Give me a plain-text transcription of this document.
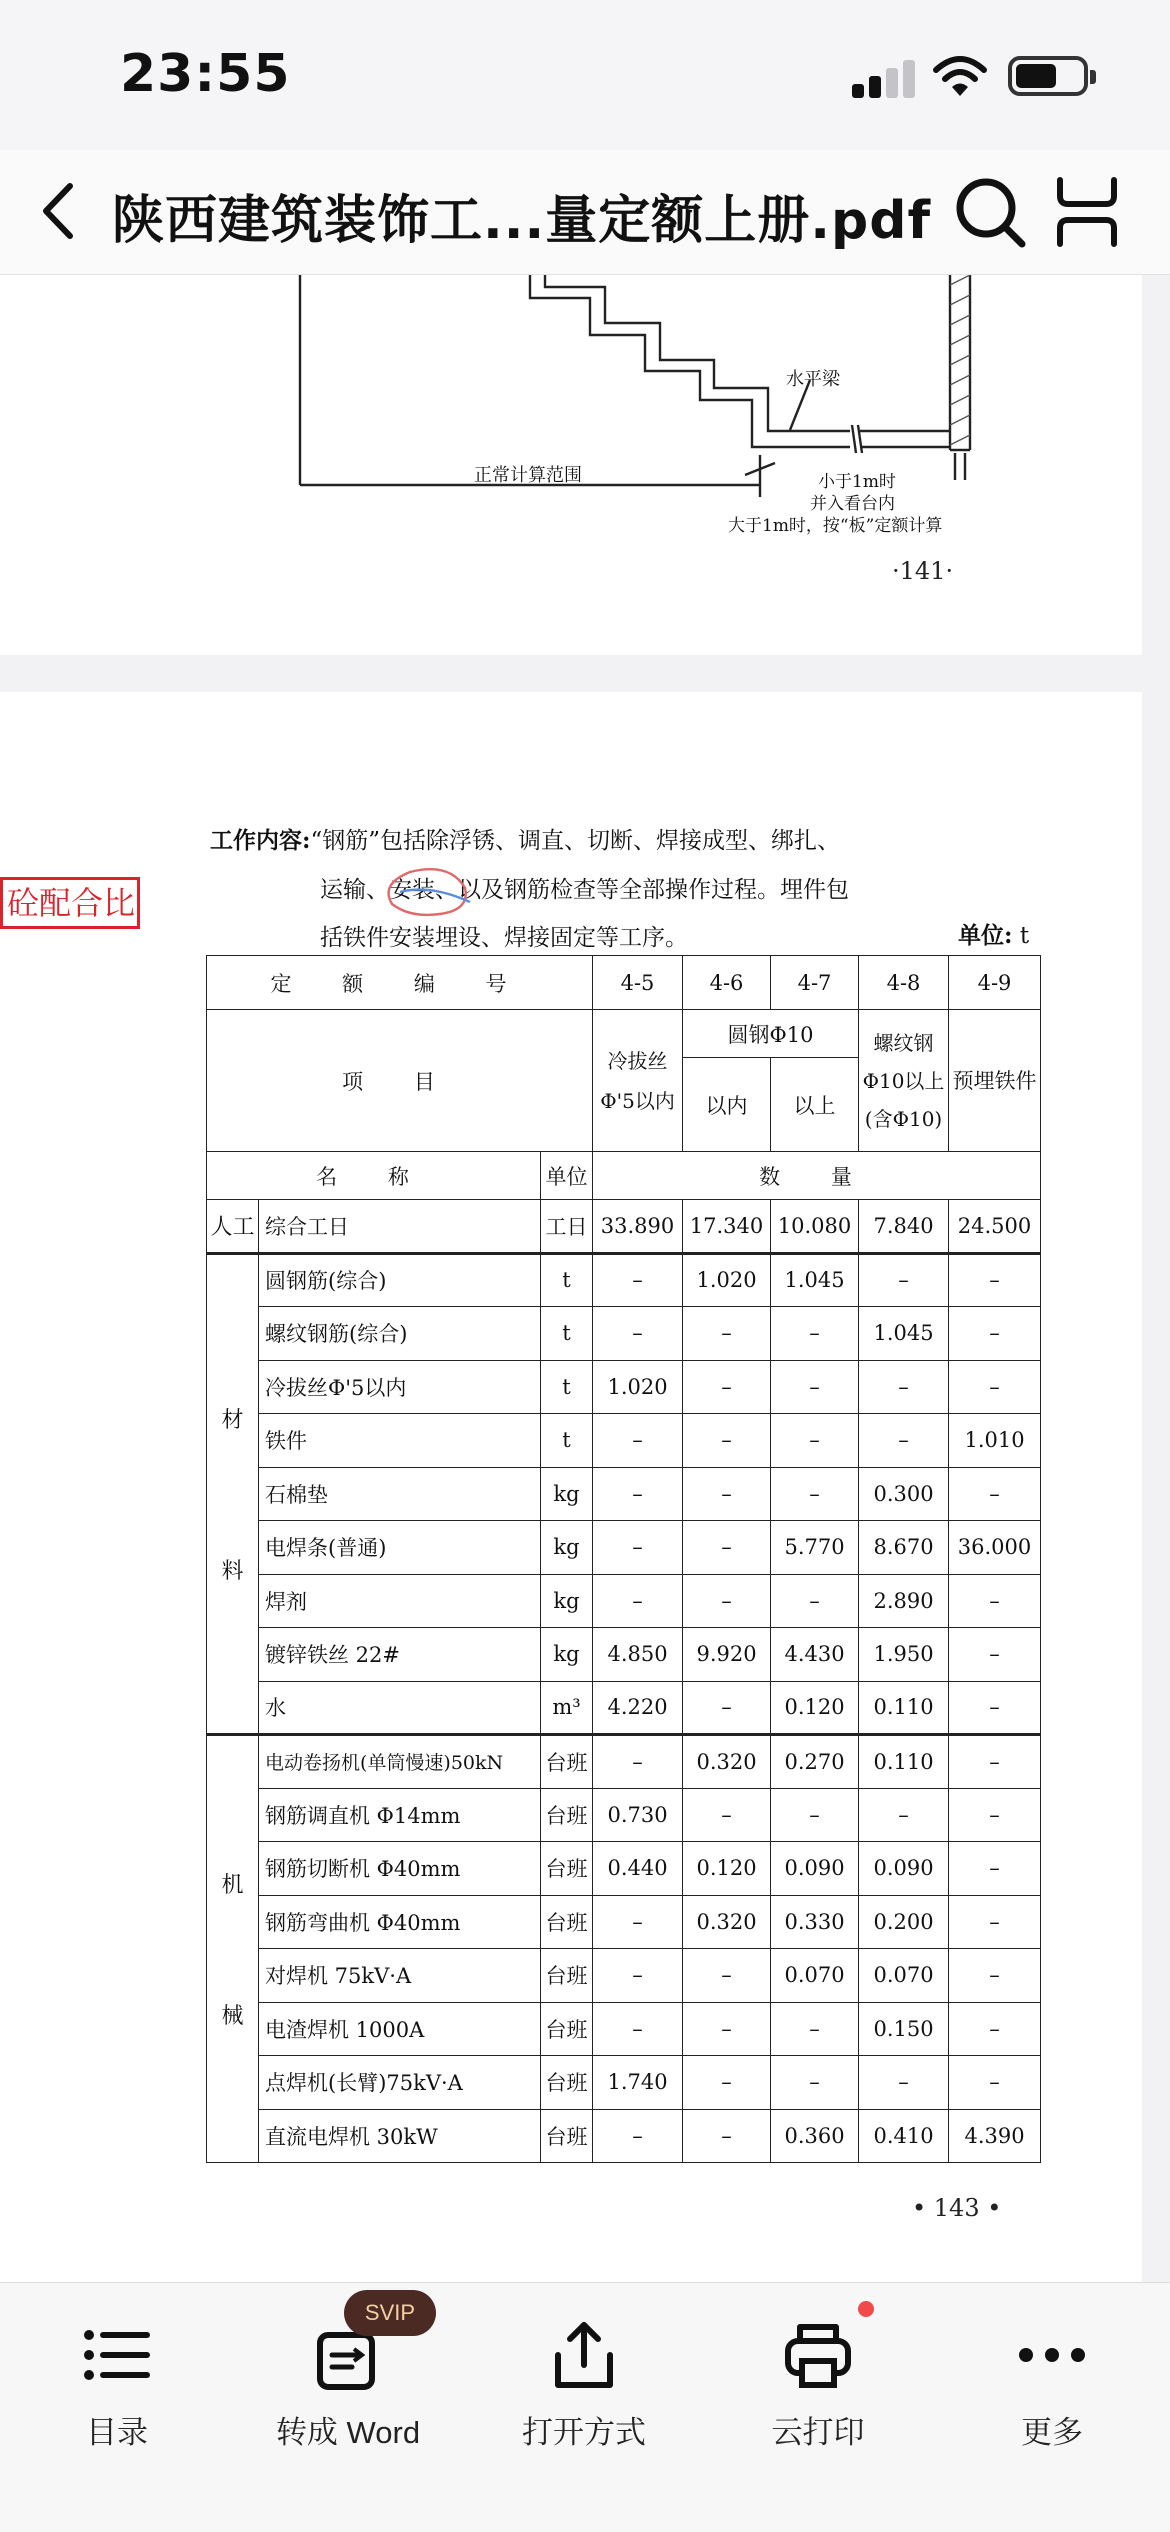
23:55
陕西建筑装饰工...量定额上册.pdf
水平梁
正常计算范围	小于1m时
并入看台内
大于1m时，按“板”定额计算
·141·
砼配合比
工作内容:“钢筋”包括除浮锈、调直、切断、焊接成型、绑扎、
运输、安装、以及钢筋检查等全部操作过程。埋件包
括铁件安装埋设、焊接固定等工序。	单位: t
定 额 编 号			4-5	4-6	4-7	4-8	4-9
项 目			冷拔丝Φ'5以内	圆钢Φ10		螺纹钢Φ10以上(含Φ10)	预埋铁件
				以内	以上		
名 称		单位	数 量				
人工	综合工日	工日	33.890	17.340	10.080	7.840	24.500

材
料	圆钢筋(综合)	t	–	1.020	1.045	–	–
	螺纹钢筋(综合)	t	–	–	–	1.045	–
	冷拔丝Φ'5以内	t	1.020	–	–	–	–
	铁件	t	–	–	–	–	1.010
	石棉垫	kg	–	–	–	0.300	–
	电焊条(普通)	kg	–	–	5.770	8.670	36.000
	焊剂	kg	–	–	–	2.890	–
	镀锌铁丝 22#	kg	4.850	9.920	4.430	1.950	–
	水	m³	4.220	–	0.120	0.110	–

机
械	电动卷扬机(单筒慢速)50kN	台班	–	0.320	0.270	0.110	–
	钢筋调直机 Φ14mm	台班	0.730	–	–	–	–
	钢筋切断机 Φ40mm	台班	0.440	0.120	0.090	0.090	–
	钢筋弯曲机 Φ40mm	台班	–	0.320	0.330	0.200	–
	对焊机 75kV·A	台班	–	–	0.070	0.070	–
	电渣焊机 1000A	台班	–	–	–	0.150	–
	点焊机(长臂)75kV·A	台班	1.740	–	–	–	–
	直流电焊机 30kW	台班	–	–	0.360	0.410	4.390
• 143 •
目录	转成 Word	打开方式	云打印	更多
SVIP
